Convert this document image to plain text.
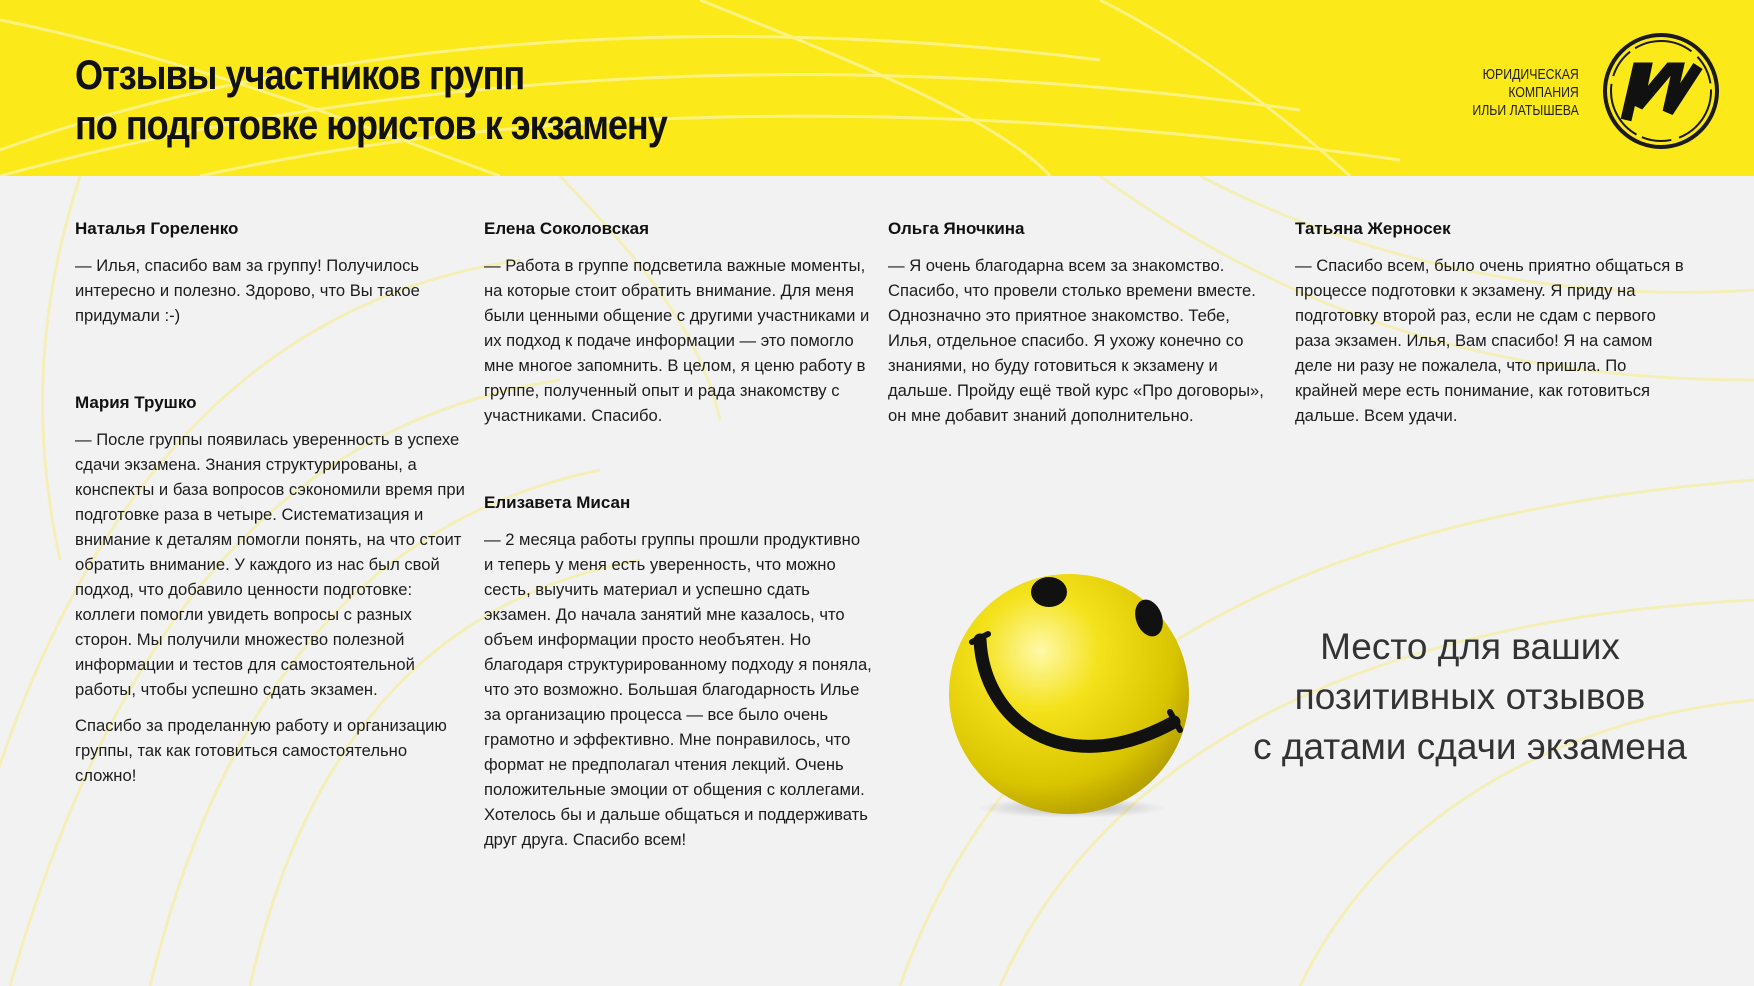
Отзывы участников групп
по подготовке юристов к экзамену
ЮРИДИЧЕСКАЯ
КОМПАНИЯ
ИЛЬИ ЛАТЫШЕВА
Наталья Гореленко

— Илья, спасибо вам за группу! Получилось интересно и полезно. Здорово, что Вы такое придумали :-)

Мария Трушко

— После группы появилась уверенность в успехе сдачи экзамена. Знания структурированы, а конспекты и база вопросов сэкономили время при подготовке раза в четыре. Систематизация и внимание к деталям помогли понять, на что стоит обратить внимание. У каждого из нас был свой подход, что добавило ценности подготовке: коллеги помогли увидеть вопросы с разных сторон. Мы получили множество полезной информации и тестов для самостоятельной работы, чтобы успешно сдать экзамен.

Спасибо за проделанную работу и организацию группы, так как готовиться самостоятельно сложно!

Елена Соколовская

— Работа в группе подсветила важные моменты, на которые стоит обратить внимание. Для меня были ценными общение с другими участниками и их подход к подаче информации — это помогло мне многое запомнить. В целом, я ценю работу в группе, полученный опыт и рада знакомству с участниками. Спасибо.

Елизавета Мисан

— 2 месяца работы группы прошли продуктивно и теперь у меня есть уверенность, что можно сесть, выучить материал и успешно сдать экзамен. До начала занятий мне казалось, что объем информации просто необъятен. Но благодаря структурированному подходу я поняла, что это возможно. Большая благодарность Илье за организацию процесса — все было очень грамотно и эффективно. Мне понравилось, что формат не предполагал чтения лекций. Очень положительные эмоции от общения с коллегами. Хотелось бы и дальше общаться и поддерживать друг друга. Спасибо всем!

Ольга Яночкина

— Я очень благодарна всем за знакомство. Спасибо, что провели столько времени вместе. Однозначно это приятное знакомство. Тебе, Илья, отдельное спасибо. Я ухожу конечно со знаниями, но буду готовиться к экзамену и дальше. Пройду ещё твой курс «Про договоры», он мне добавит знаний дополнительно.

Татьяна Жерносек

— Спасибо всем, было очень приятно общаться в процессе подготовки к экзамену. Я приду на подготовку второй раз, если не сдам с первого раза экзамен. Илья, Вам спасибо! Я на самом деле ни разу не пожалела, что пришла. По крайней мере есть понимание, как готовиться дальше. Всем удачи.

Место для ваших
позитивных отзывов
с датами сдачи экзамена
